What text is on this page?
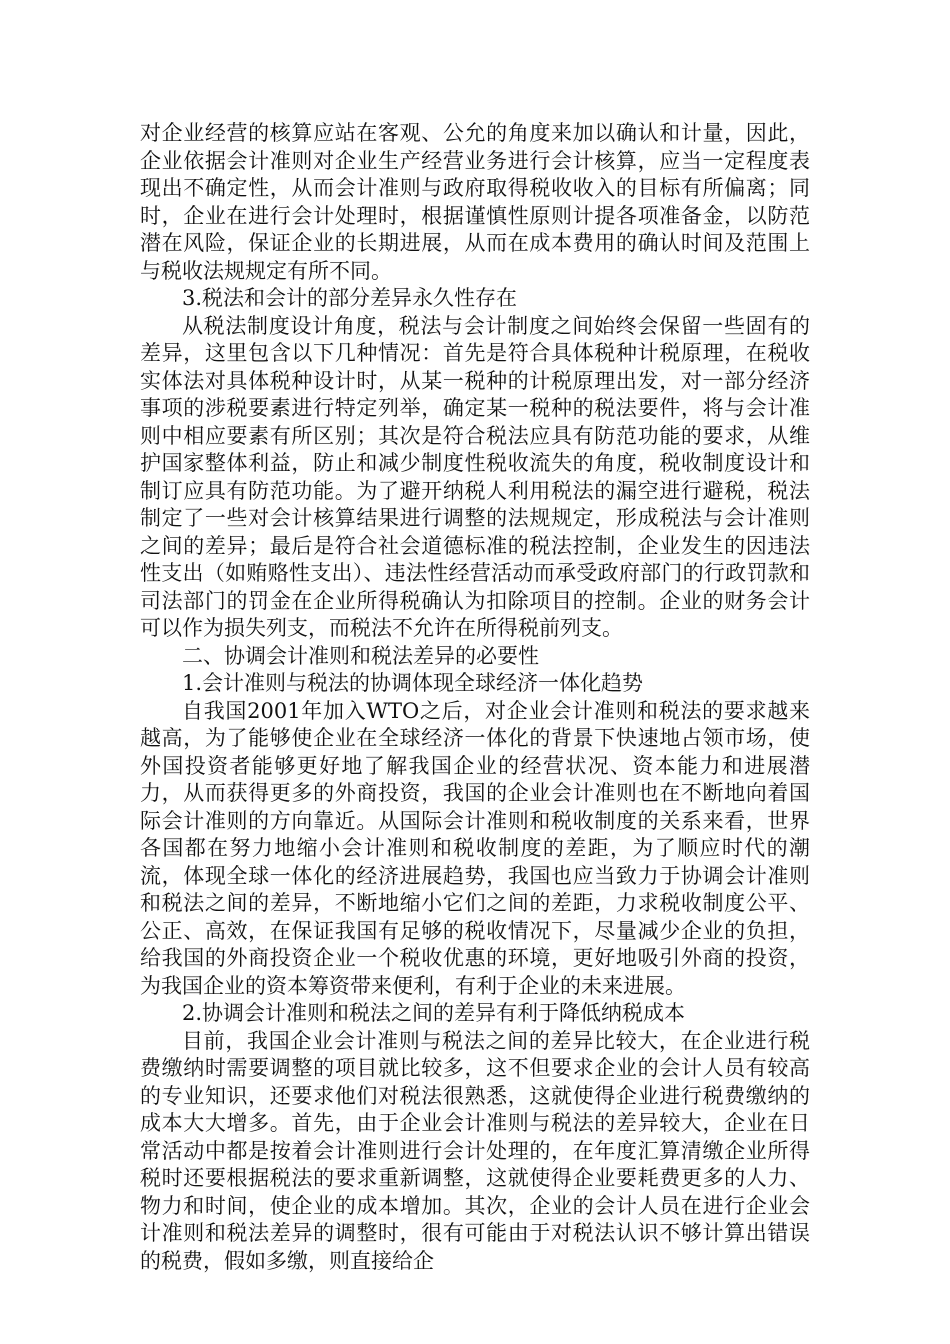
对企业经营的核算应站在客观、公允的角度来加以确认和计量，因此，企业依据会计准则对企业生产经营业务进行会计核算，应当一定程度表现出不确定性，从而会计准则与政府取得税收收入的目标有所偏离；同时，企业在进行会计处理时，根据谨慎性原则计提各项准备金，以防范潜在风险，保证企业的长期进展，从而在成本费用的确认时间及范围上与税收法规规定有所不同。

3.税法和会计的部分差异永久性存在

从税法制度设计角度，税法与会计制度之间始终会保留一些固有的差异，这里包含以下几种情况：首先是符合具体税种计税原理，在税收实体法对具体税种设计时，从某一税种的计税原理出发，对一部分经济事项的涉税要素进行特定列举，确定某一税种的税法要件，将与会计准则中相应要素有所区别；其次是符合税法应具有防范功能的要求，从维护国家整体利益，防止和减少制度性税收流失的角度，税收制度设计和制订应具有防范功能。为了避开纳税人利用税法的漏空进行避税，税法制定了一些对会计核算结果进行调整的法规规定，形成税法与会计准则之间的差异；最后是符合社会道德标准的税法控制，企业发生的因违法性支出（如贿赂性支出）、违法性经营活动而承受政府部门的行政罚款和司法部门的罚金在企业所得税确认为扣除项目的控制。企业的财务会计可以作为损失列支，而税法不允许在所得税前列支。

二、协调会计准则和税法差异的必要性

1.会计准则与税法的协调体现全球经济一体化趋势

自我国2001年加入WTO之后，对企业会计准则和税法的要求越来越高，为了能够使企业在全球经济一体化的背景下快速地占领市场，使外国投资者能够更好地了解我国企业的经营状况、资本能力和进展潜力，从而获得更多的外商投资，我国的企业会计准则也在不断地向着国际会计准则的方向靠近。从国际会计准则和税收制度的关系来看，世界各国都在努力地缩小会计准则和税收制度的差距，为了顺应时代的潮流，体现全球一体化的经济进展趋势，我国也应当致力于协调会计准则和税法之间的差异，不断地缩小它们之间的差距，力求税收制度公平、公正、高效，在保证我国有足够的税收情况下，尽量减少企业的负担，给我国的外商投资企业一个税收优惠的环境，更好地吸引外商的投资，为我国企业的资本筹资带来便利，有利于企业的未来进展。

2.协调会计准则和税法之间的差异有利于降低纳税成本

目前，我国企业会计准则与税法之间的差异比较大，在企业进行税费缴纳时需要调整的项目就比较多，这不但要求企业的会计人员有较高的专业知识，还要求他们对税法很熟悉，这就使得企业进行税费缴纳的成本大大增多。首先，由于企业会计准则与税法的差异较大，企业在日常活动中都是按着会计准则进行会计处理的，在年度汇算清缴企业所得税时还要根据税法的要求重新调整，这就使得企业要耗费更多的人力、物力和时间，使企业的成本增加。其次，企业的会计人员在进行企业会计准则和税法差异的调整时，很有可能由于对税法认识不够计算出错误的税费，假如多缴，则直接给企
